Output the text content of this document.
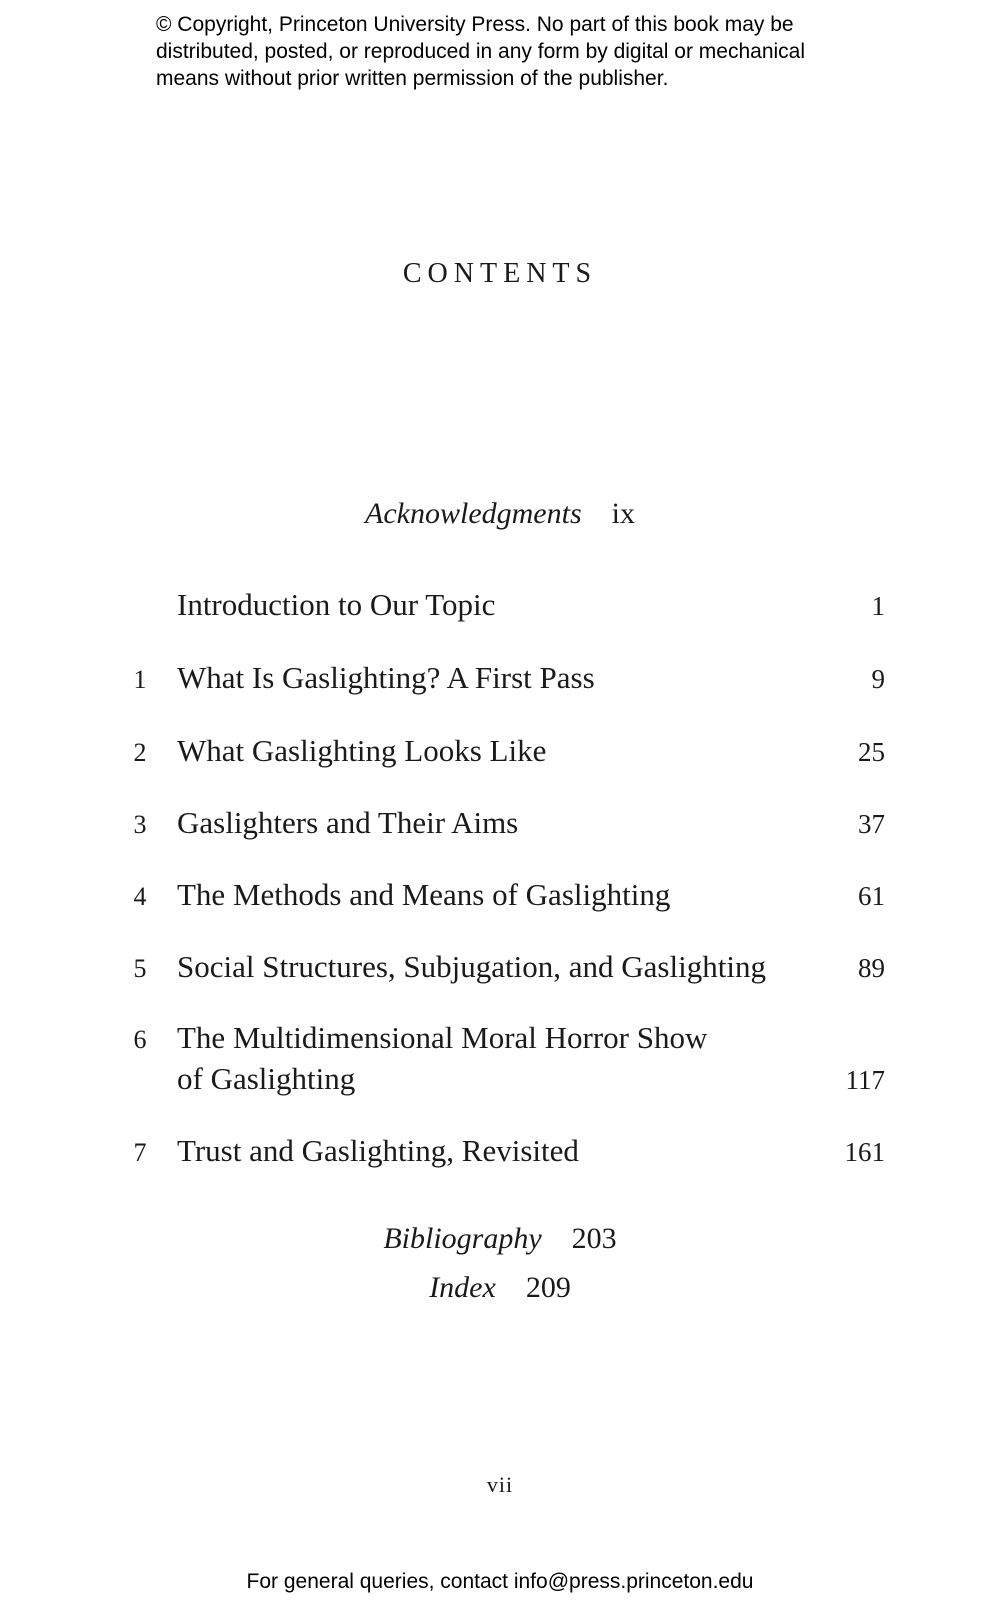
© Copyright, Princeton University Press. No part of this book may be
distributed, posted, or reproduced in any form by digital or mechanical
means without prior written permission of the publisher.
CONTENTS
Acknowledgments ix
Introduction to Our Topic	1
1 What Is Gaslighting? A First Pass	9
2 What Gaslighting Looks Like	25
3 Gaslighters and Their Aims	37
4 The Methods and Means of Gaslighting	61
5 Social Structures, Subjugation, and Gaslighting	89
6 The Multidimensional Moral Horror Show
of Gaslighting	117
7 Trust and Gaslighting, Revisited	161
Bibliography 203
Index 209
vii
For general queries, contact info@press.princeton.edu
